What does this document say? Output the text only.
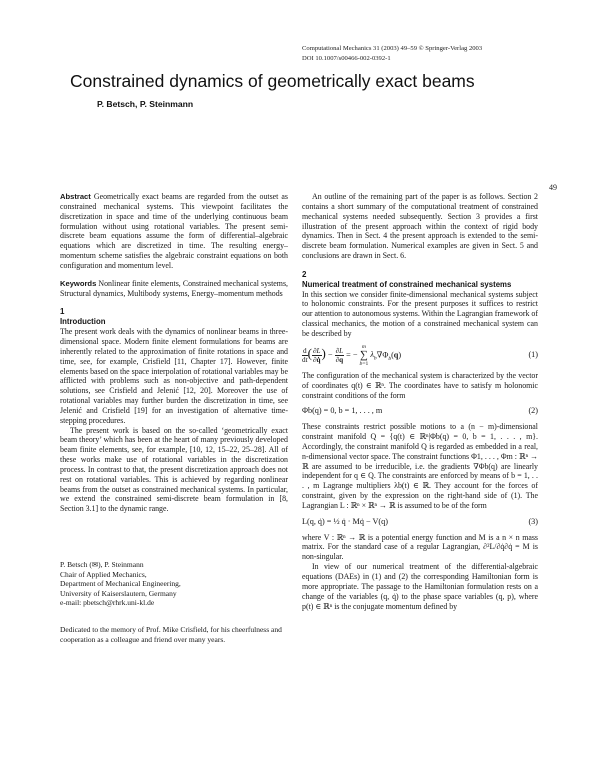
Computational Mechanics 31 (2003) 49–59 © Springer-Verlag 2003
DOI 10.1007/s00466-002-0392-1
Constrained dynamics of geometrically exact beams
P. Betsch, P. Steinmann
49

Abstract Geometrically exact beams are regarded from the outset as constrained mechanical systems. This viewpoint facilitates the discretization in space and time of the underlying continuous beam formulation without using rotational variables. The present semi-discrete beam equations assume the form of differential–algebraic equations which are discretized in time. The resulting energy–momentum scheme satisfies the algebraic constraint equations on both configuration and momentum level.

Keywords Nonlinear finite elements, Constrained mechanical systems, Structural dynamics, Multibody systems, Energy–momentum methods

1
Introduction

The present work deals with the dynamics of nonlinear beams in three-dimensional space. Modern finite element formulations for beams are inherently related to the approximation of finite rotations in space and time, see, for example, Crisfield [11, Chapter 17]. However, finite elements based on the space interpolation of rotational variables may be afflicted with problems such as non-objective and path-dependent solutions, see Crisfield and Jelenić [12, 20]. Moreover the use of rotational variables may further burden the discretization in time, see Jelenić and Crisfield [19] for an investigation of alternative time-stepping procedures.

The present work is based on the so-called ‘geometrically exact beam theory’ which has been at the heart of many previously developed beam finite elements, see, for example, [10, 12, 15–22, 25–28]. All of these works make use of rotational variables in the discretization process. In contrast to that, the present discretization approach does not rest on rotational variables. This is achieved by regarding nonlinear beams from the outset as constrained mechanical systems. In particular, we extend the constrained semi-discrete beam formulation in [8, Section 3.1] to the dynamic range.

P. Betsch (✉), P. Steinmann
Chair of Applied Mechanics,
Department of Mechanical Engineering,
University of Kaiserslautern, Germany
e-mail: pbetsch@rhrk.uni-kl.de
Dedicated to the memory of Prof. Mike Crisfield, for his cheerfulness and cooperation as a colleague and friend over many years.

An outline of the remaining part of the paper is as follows. Section 2 contains a short summary of the computational treatment of constrained mechanical systems needed subsequently. Section 3 provides a first illustration of the present approach within the context of rigid body dynamics. Then in Sect. 4 the present approach is extended to the semi-discrete beam formulation. Numerical examples are given in Sect. 5 and conclusions are drawn in Sect. 6.

2
Numerical treatment of constrained mechanical systems

In this section we consider finite-dimensional mechanical systems subject to holonomic constraints. For the present purposes it suffices to restrict our attention to autonomous systems. Within the Lagrangian framework of classical mechanics, the motion of a constrained mechanical system can be described by

$\frac{d}{dt}$ ( $\frac{\partial L}{\partial q̇}$ ) − $\frac{\partial L}{\partial q}$ = −
m
∑
b=1
$\lambda_b\nabla\Phi_b(q)$	(1)

The configuration of the mechanical system is characterized by the vector of coordinates q(t) ∈ ℝⁿ. The coordinates have to satisfy m holonomic constraint conditions of the form

Φb(q) = 0, b = 1, . . . , m	(2)

These constraints restrict possible motions to a (n − m)-dimensional constraint manifold Q = {q(t) ∈ ℝⁿ|Φb(q) = 0, b = 1, . . . , m}. Accordingly, the constraint manifold Q is regarded as embedded in a real, n-dimensional vector space. The constraint functions Φ1, . . . , Φm : ℝⁿ → ℝ are assumed to be irreducible, i.e. the gradients ∇Φb(q) are linearly independent for q ∈ Q. The constraints are enforced by means of b = 1, . . . , m Lagrange multipliers λb(t) ∈ ℝ. They account for the forces of constraint, given by the expression on the right-hand side of (1). The Lagrangian L : ℝⁿ × ℝⁿ → ℝ is assumed to be of the form

L(q, q̇) = ½ q̇ · Mq̇ − V(q)	(3)

where V : ℝⁿ → ℝ is a potential energy function and M is a n × n mass matrix. For the standard case of a regular Lagrangian, ∂²L/∂q̇∂q̇ = M is non-singular.

In view of our numerical treatment of the differential-algebraic equations (DAEs) in (1) and (2) the corresponding Hamiltonian form is more appropriate. The passage to the Hamiltonian formulation rests on a change of the variables (q, q̇) to the phase space variables (q, p), where p(t) ∈ ℝⁿ is the conjugate momentum defined by
